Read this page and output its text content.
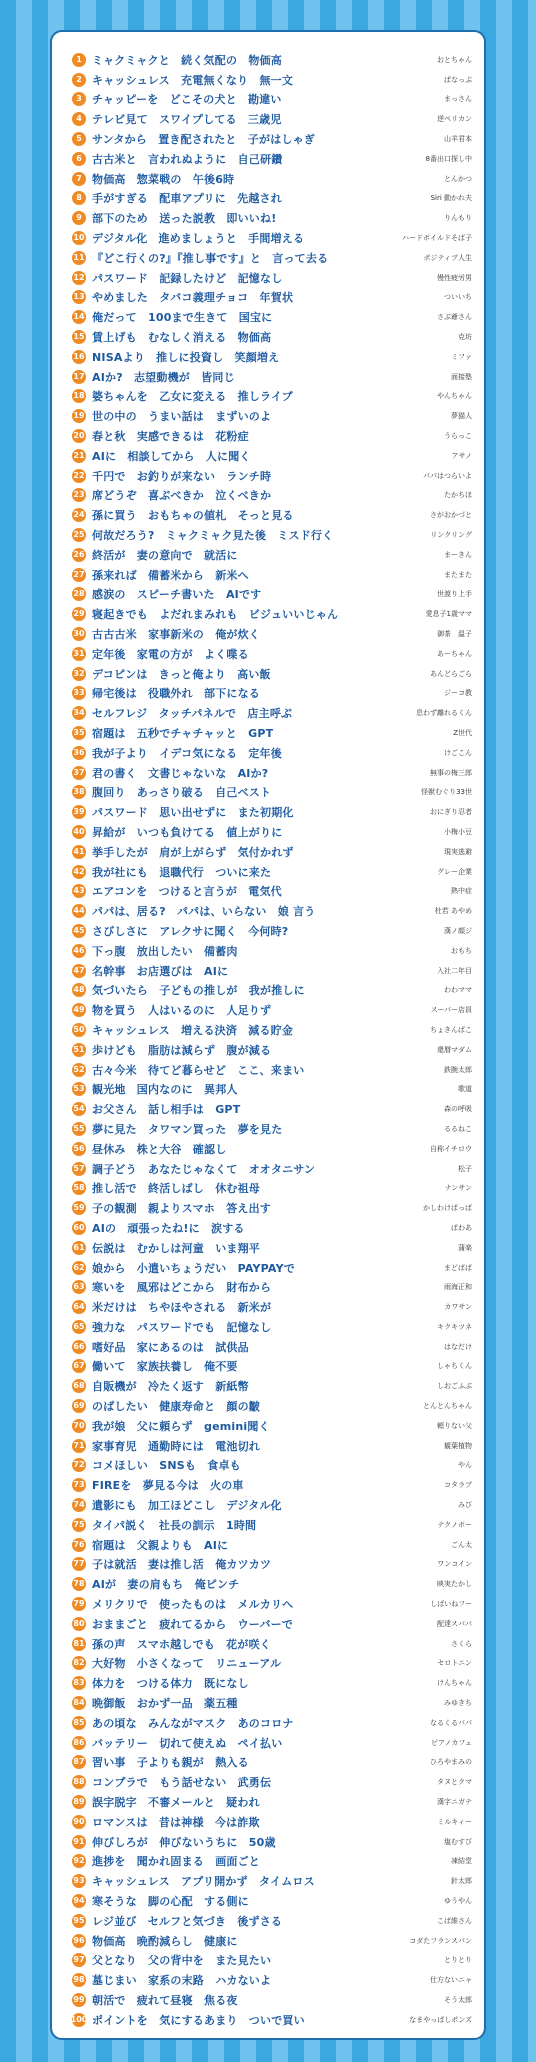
1 ミャクミャクと　続く気配の　物価高	おとちゃん
2 キャッシュレス　充電無くなり　無一文	ぱなっぷ
3 チャッピーを　どこその犬と　勘違い	まっさん
4 テレビ見て　スワイプしてる　三歳児	逆ペリカン
5 サンタから　置き配されたと　子がはしゃぎ	山羊君本
6 古古米と　言われぬように　自己研鑽	8番出口探し中
7 物価高　惣菜戦の　午後6時	とんかつ
8 手がすぎる　配車アプリに　先越され	Siri 動かれ夫
9 部下のため　送った説教　即いいね!	りんもり
10 デジタル化　進めましょうと　手間増える	ハードボイルドそば子
11 『どこ行くの?』『推し事です』と　言って去る	ポジティブ人生
12 パスワード　記録したけど　記憶なし	慢性疲労男
13 やめました　タバコ義理チョコ　年賀状	ついいち
14 俺だって　100まで生きて　国宝に	さぶ爺さん
15 賃上げも　むなしく消える　物価高	克坊
16 NISAより　推しに投資し　笑顔増え	ミファ
17 AIか?　志望動機が　皆同じ	面接塾
18 婆ちゃんを　乙女に変える　推しライブ	やんちゃん
19 世の中の　うまい話は　まずいのよ	夢猫人
20 春と秋　実感できるは　花粉症	うらっこ
21 AIに　相談してから　人に聞く	アサノ
22 千円で　お釣りが来ない　ランチ時	パパはつらいよ
23 席どうぞ　喜ぶべきか　泣くべきか	たかちほ
24 孫に買う　おもちゃの値札　そっと見る	さがおかづと
25 何故だろう?　ミャクミャク見た後　ミスド行く	リンクリング
26 終活が　妻の意向で　就活に	まーきん
27 孫来れば　備蓄米から　新米へ	またまた
28 感涙の　スピーチ書いた　AIです	世渡り上手
29 寝起きでも　よだれまみれも　ビジュいいじゃん	愛息子1歳ママ
30 古古古米　家事新米の　俺が炊く	御茶　温子
31 定年後　家電の方が　よく喋る	あーちゃん
32 デコピンは　きっと俺より　高い飯	あんどらごら
33 帰宅後は　役職外れ　部下になる	ジーコ教
34 セルフレジ　タッチパネルで　店主呼ぶ	息わず離れるくん
35 宿題は　五秒でチャチャッと　GPT	Z世代
36 我が子より　イデコ気になる　定年後	けごこん
37 君の書く　文書じゃないな　AIか?	無事の梅三郎
38 腹回り　あっさり破る　自己ベスト	怪獣むぐり33世
39 パスワード　思い出せずに　また初期化	おにぎり忍者
40 昇給が　いつも負けてる　値上がりに	小梅小豆
41 挙手したが　肩が上がらず　気付かれず	現実逃避
42 我が社にも　退職代行　ついに来た	グレー企業
43 エアコンを　つけると言うが　電気代	熱中症
44 パパは、居る?　パパは、いらない　娘 言う	杜若 あやめ
45 さびしさに　アレクサに聞く　今何時?	漢ノ顔ジ
46 下っ腹　放出したい　備蓄肉	おもち
47 名幹事　お店選びは　AIに	入社二年目
48 気づいたら　子どもの推しが　我が推しに	わわママ
49 物を買う　人はいるのに　人足りず	スーパー店員
50 キャッシュレス　増える決済　減る貯金	ちょきんばこ
51 歩けども　脂肪は減らず　腹が減る	還暦マダム
52 古々今米　待てど暮らせど　ここ、来まい	鉄腕太郎
53 観光地　国内なのに　異邦人	歌道
54 お父さん　話し相手は　GPT	森の呼吸
55 夢に見た　タワマン買った　夢を見た	るるねこ
56 昼休み　株と大谷　確認し	自称イチロウ
57 調子どう　あなたじゃなくて　オオタニサン	松子
58 推し活で　終活しばし　休む祖母	ナンサン
59 子の観測　親よりスマホ　答え出す	かしわけばっぱ
60 AIの　頑張ったね!に　涙する	ぱわあ
61 伝説は　むかしは河童　いま翔平	蒲楽
62 娘から　小遣いちょうだい　PAYPAYで	まどぱぱ
63 寒いを　風邪はどこから　財布から	雨海正和
64 米だけは　ちやほやされる　新米が	カワサン
65 強力な　パスワードでも　記憶なし	キクキツネ
66 嗜好品　家にあるのは　試供品	はなだけ
67 働いて　家族扶養し　俺不要	しゃちくん
68 自販機が　冷たく返す　新紙幣	しおごふぶ
69 のばしたい　健康寿命と　顔の皺	とんとんちゃん
70 我が娘　父に頼らず　gemini聞く	頼りない父
71 家事育児　通勤時には　電池切れ	観葉植物
72 コメほしい　SNSも　食卓も	やん
73 FIREを　夢見る今は　火の車	コタラブ
74 遺影にも　加工ほどこし　デジタル化	みび
75 タイパ説く　社長の訓示　1時間	テクノボー
76 宿題は　父親よりも　AIに	ごん太
77 子は就活　妻は推し活　俺カツカツ	ワンコイン
78 AIが　妻の肩もち　俺ピンチ	映実たかし
79 メリクリで　使ったものは　メルカリへ	しばいねフー
80 おままごと　疲れてるから　ウーバーで	配達スパパ
81 孫の声　スマホ越しでも　花が咲く	さくら
82 大好物　小さくなって　リニューアル	セロトニン
83 体力を　つける体力　既になし	けんちゃん
84 晩御飯　おかず一品　薬五種	みゆきち
85 あの頃な　みんながマスク　あのコロナ	なるくるパパ
86 バッテリー　切れて使えぬ　ペイ払い	ピアノカフェ
87 習い事　子よりも親が　熱入る	ひろやまみの
88 コンプラで　もう話せない　武勇伝	タヌとクマ
89 誤字脱字　不審メールと　疑われ	漢字ニガテ
90 ロマンスは　昔は神様　今は詐欺	ミルキィー
91 伸びしろが　伸びないうちに　50歳	塩むすび
92 進捗を　聞かれ固まる　画面ごと	凍結堂
93 キャッシュレス　アプリ開かず　タイムロス	針太郎
94 寒そうな　脚の心配　する側に	ゆうやん
95 レジ並び　セルフと気づき　後ずさる	こば維さん
96 物価高　晩酌減らし　健康に	コダたフランスパン
97 父となり　父の背中を　また見たい	とりとり
98 墓じまい　家系の末路　ハカないよ	仕方ないニャ
99 朝活で　疲れて昼寝　焦る夜	そう太郎
100 ポイントを　気にするあまり　ついで買い	なまやっぱしポンズ
